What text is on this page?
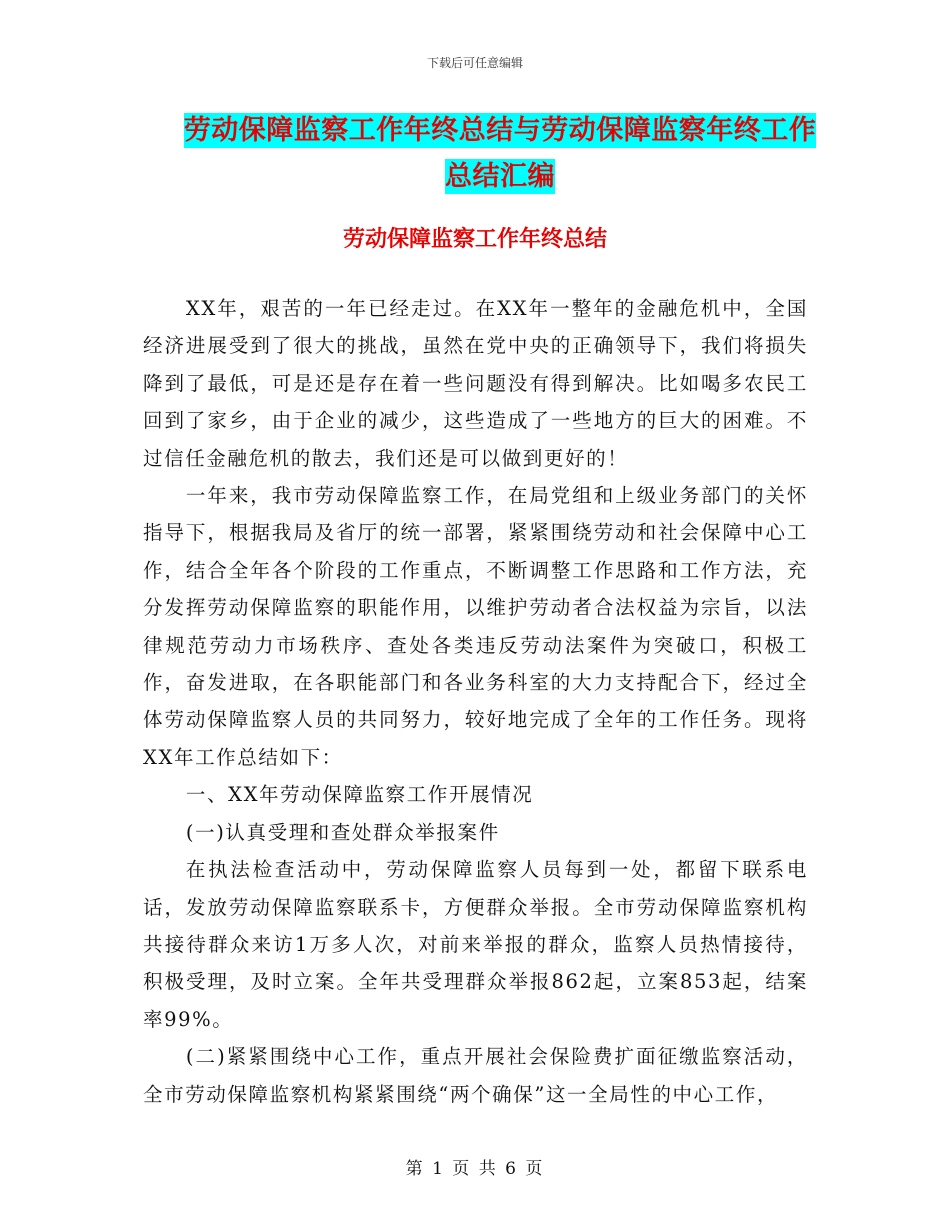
下载后可任意编辑
劳动保障监察工作年终总结与劳动保障监察年终工作
总结汇编
劳动保障监察工作年终总结

XX年，艰苦的一年已经走过。在XX年一整年的金融危机中，全国经济进展受到了很大的挑战，虽然在党中央的正确领导下，我们将损失降到了最低，可是还是存在着一些问题没有得到解决。比如喝多农民工回到了家乡，由于企业的减少，这些造成了一些地方的巨大的困难。不过信任金融危机的散去，我们还是可以做到更好的！

一年来，我市劳动保障监察工作，在局党组和上级业务部门的关怀指导下，根据我局及省厅的统一部署，紧紧围绕劳动和社会保障中心工作，结合全年各个阶段的工作重点，不断调整工作思路和工作方法，充分发挥劳动保障监察的职能作用，以维护劳动者合法权益为宗旨，以法律规范劳动力市场秩序、查处各类违反劳动法案件为突破口，积极工作，奋发进取，在各职能部门和各业务科室的大力支持配合下，经过全体劳动保障监察人员的共同努力，较好地完成了全年的工作任务。现将XX年工作总结如下：

一、XX年劳动保障监察工作开展情况

(一)认真受理和查处群众举报案件

在执法检查活动中，劳动保障监察人员每到一处，都留下联系电话，发放劳动保障监察联系卡，方便群众举报。全市劳动保障监察机构共接待群众来访1万多人次，对前来举报的群众，监察人员热情接待，积极受理，及时立案。全年共受理群众举报862起，立案853起，结案率99%。

(二)紧紧围绕中心工作，重点开展社会保险费扩面征缴监察活动，全市劳动保障监察机构紧紧围绕“两个确保”这一全局性的中心工作，

第 1 页 共 6 页
